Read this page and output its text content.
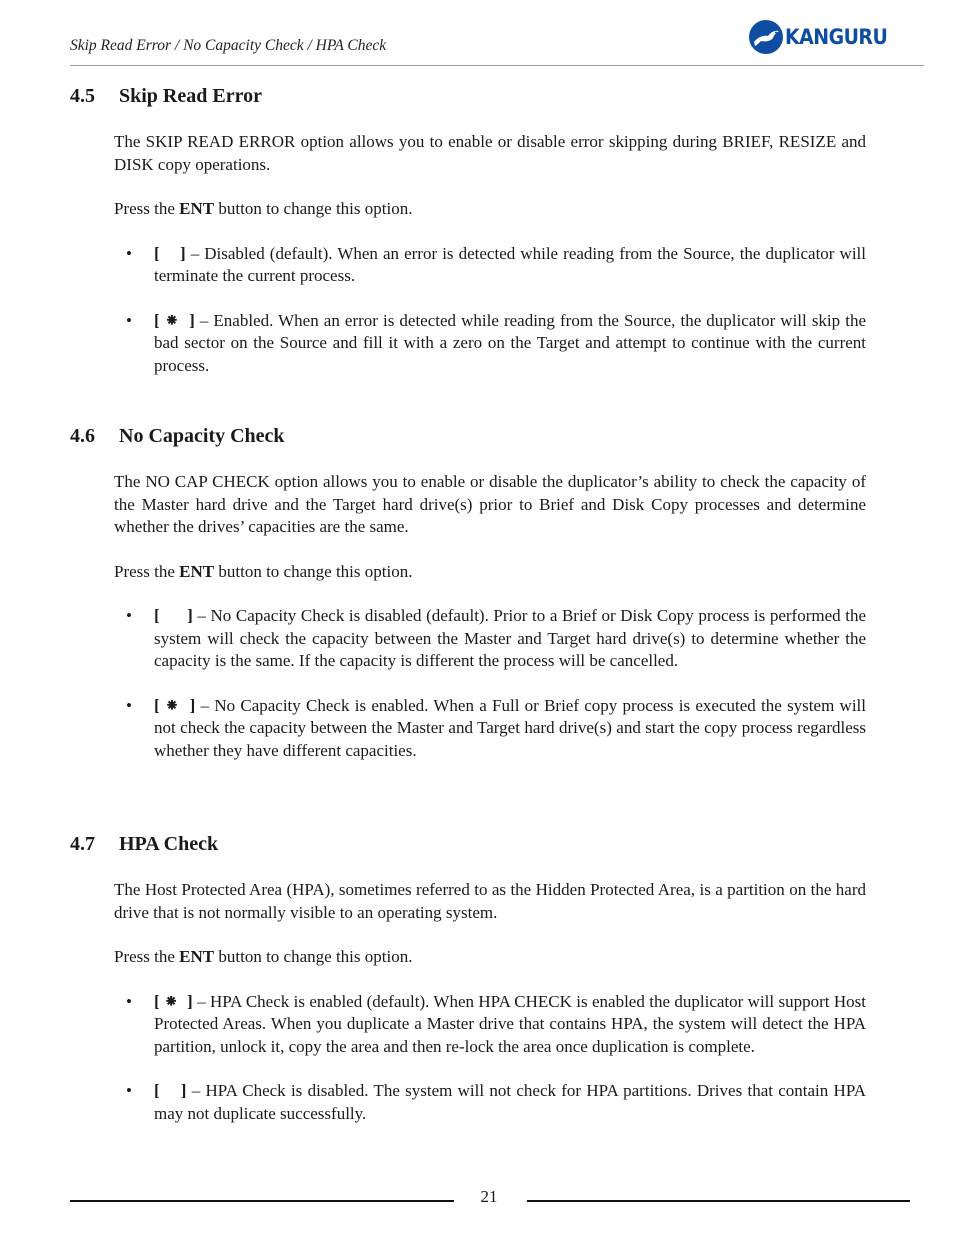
Skip Read Error / No Capacity Check / HPA Check	KANGURU
4.5 Skip Read Error

The SKIP READ ERROR option allows you to enable or disable error skipping during BRIEF, RESIZE and DISK copy operations.

Press the ENT button to change this option.

• [    ] – Disabled (default). When an error is detected while reading from the Source, the duplicator will terminate the current process.
• [ ⁕  ] – Enabled. When an error is detected while reading from the Source, the duplicator will skip the bad sector on the Source and fill it with a zero on the Target and attempt to continue with the current process.
4.6 No Capacity Check

The NO CAP CHECK option allows you to enable or disable the duplicator’s ability to check the capacity of the Master hard drive and the Target hard drive(s) prior to Brief and Disk Copy processes and determine whether the drives’ capacities are the same.

Press the ENT button to change this option.

• [      ] – No Capacity Check is disabled (default). Prior to a Brief or Disk Copy process is performed the system will check the capacity between the Master and Target hard drive(s) to determine whether the capacity is the same. If the capacity is different the process will be cancelled.
• [ ⁕  ] – No Capacity Check is enabled. When a Full or Brief copy process is executed the system will not check the capacity between the Master and Target hard drive(s) and start the copy process regardless whether they have different capacities.
4.7 HPA Check

The Host Protected Area (HPA), sometimes referred to as the Hidden Protected Area, is a partition on the hard drive that is not normally visible to an operating system.

Press the ENT button to change this option.

• [ ⁕  ] – HPA Check is enabled (default). When HPA CHECK is enabled the duplicator will support Host Protected Areas. When you duplicate a Master drive that contains HPA, the system will detect the HPA partition, unlock it, copy the area and then re-lock the area once duplication is complete.
• [    ] – HPA Check is disabled. The system will not check for HPA partitions. Drives that contain HPA may not duplicate successfully.
21
